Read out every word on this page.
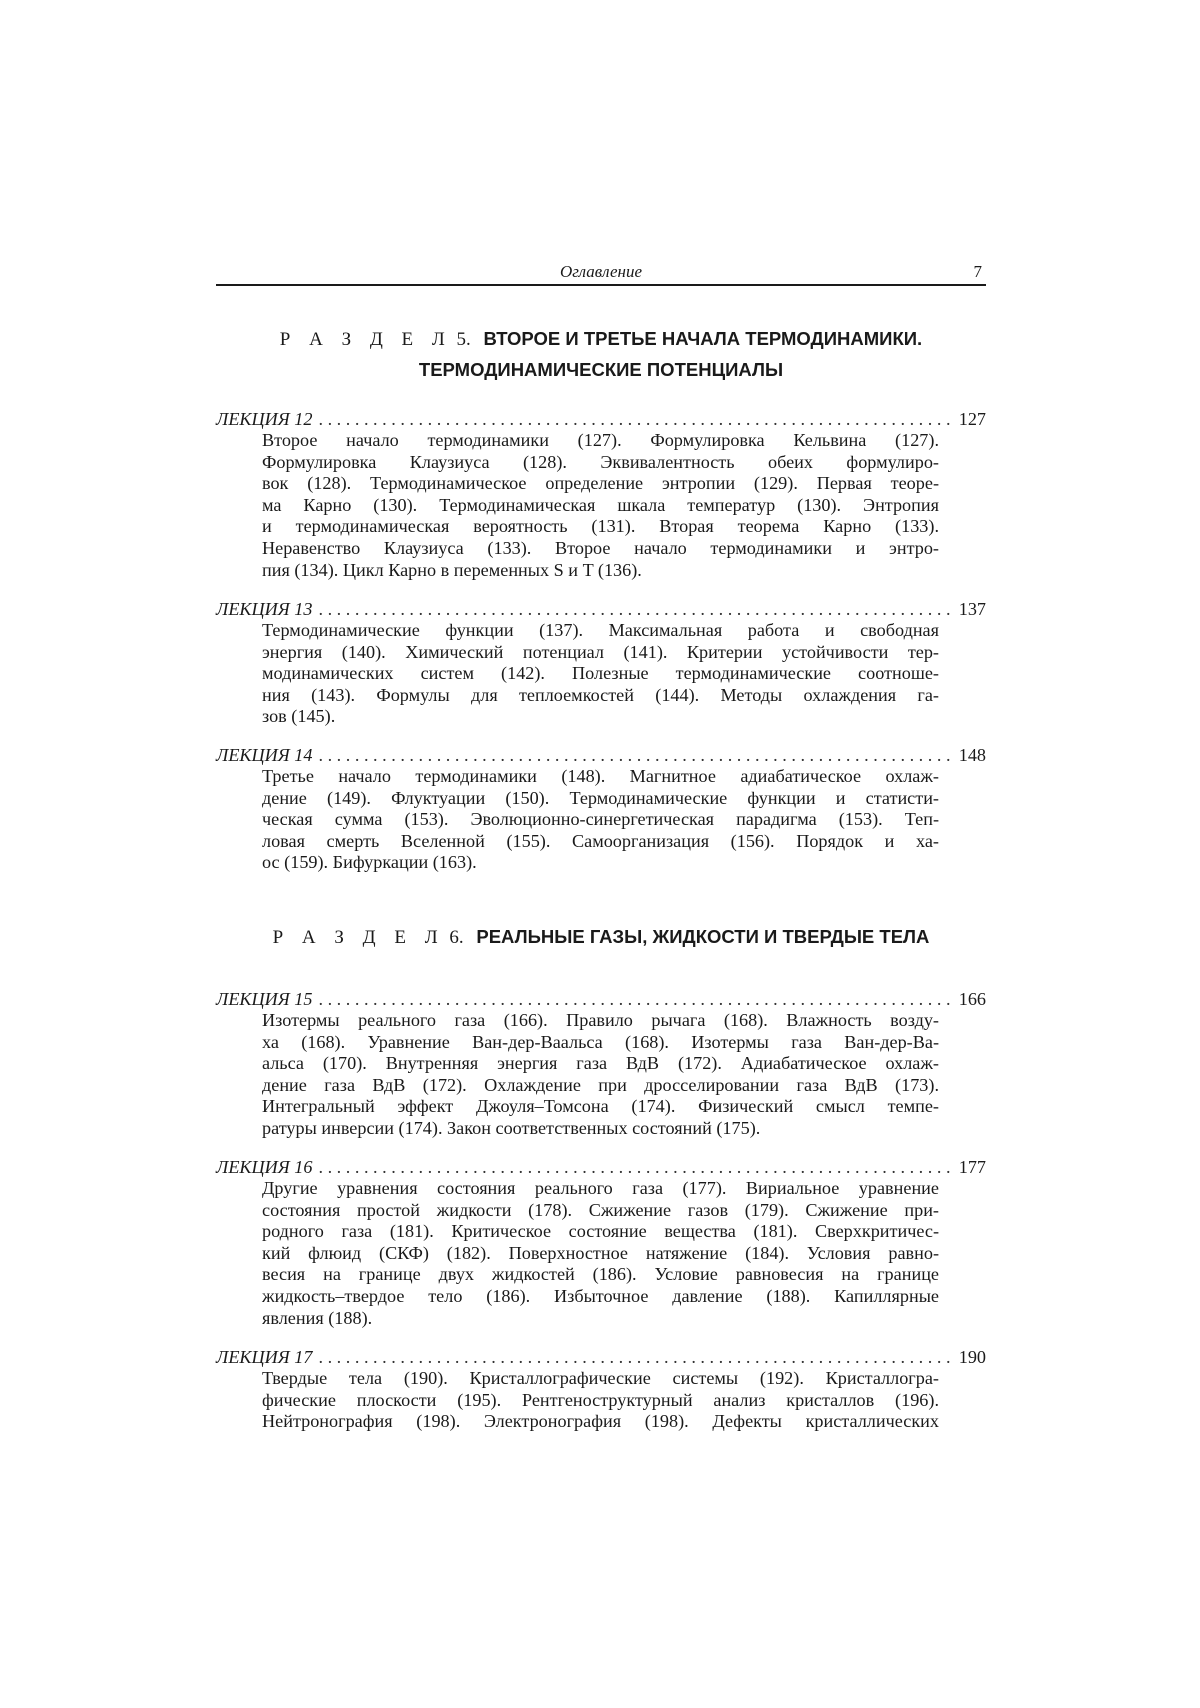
Оглавление	7
Р А З Д Е Л 5. ВТОРОЕ И ТРЕТЬЕ НАЧАЛА ТЕРМОДИНАМИКИ.
ТЕРМОДИНАМИЧЕСКИЕ ПОТЕНЦИАЛЫ
ЛЕКЦИЯ 12 . . .	127
Второе начало термодинамики (127). Формулировка Кельвина (127).
Формулировка Клаузиуса (128). Эквивалентность обеих формулиро-
вок (128). Термодинамическое определение энтропии (129). Первая теоре-
ма Карно (130). Термодинамическая шкала температур (130). Энтропия
и термодинамическая вероятность (131). Вторая теорема Карно (133).
Неравенство Клаузиуса (133). Второе начало термодинамики и энтро-
пия (134). Цикл Карно в переменных S и T (136).
ЛЕКЦИЯ 13 . . .	137
Термодинамические функции (137). Максимальная работа и свободная
энергия (140). Химический потенциал (141). Критерии устойчивости тер-
модинамических систем (142). Полезные термодинамические соотноше-
ния (143). Формулы для теплоемкостей (144). Методы охлаждения га-
зов (145).
ЛЕКЦИЯ 14 . . .	148
Третье начало термодинамики (148). Магнитное адиабатическое охлаж-
дение (149). Флуктуации (150). Термодинамические функции и статисти-
ческая сумма (153). Эволюционно-синергетическая парадигма (153). Теп-
ловая смерть Вселенной (155). Самоорганизация (156). Порядок и ха-
ос (159). Бифуркации (163).
Р А З Д Е Л 6. РЕАЛЬНЫЕ ГАЗЫ, ЖИДКОСТИ И ТВЕРДЫЕ ТЕЛА
ЛЕКЦИЯ 15 . . .	166
Изотермы реального газа (166). Правило рычага (168). Влажность возду-
ха (168). Уравнение Ван-дер-Ваальса (168). Изотермы газа Ван-дер-Ва-
альса (170). Внутренняя энергия газа ВдВ (172). Адиабатическое охлаж-
дение газа ВдВ (172). Охлаждение при дросселировании газа ВдВ (173).
Интегральный эффект Джоуля–Томсона (174). Физический смысл темпе-
ратуры инверсии (174). Закон соответственных состояний (175).
ЛЕКЦИЯ 16 . . .	177
Другие уравнения состояния реального газа (177). Вириальное уравнение
состояния простой жидкости (178). Сжижение газов (179). Сжижение при-
родного газа (181). Критическое состояние вещества (181). Сверхкритичес-
кий флюид (СКФ) (182). Поверхностное натяжение (184). Условия равно-
весия на границе двух жидкостей (186). Условие равновесия на границе
жидкость–твердое тело (186). Избыточное давление (188). Капиллярные
явления (188).
ЛЕКЦИЯ 17 . . .	190
Твердые тела (190). Кристаллографические системы (192). Кристаллогра-
фические плоскости (195). Рентгеноструктурный анализ кристаллов (196).
Нейтронография (198). Электронография (198). Дефекты кристаллических
